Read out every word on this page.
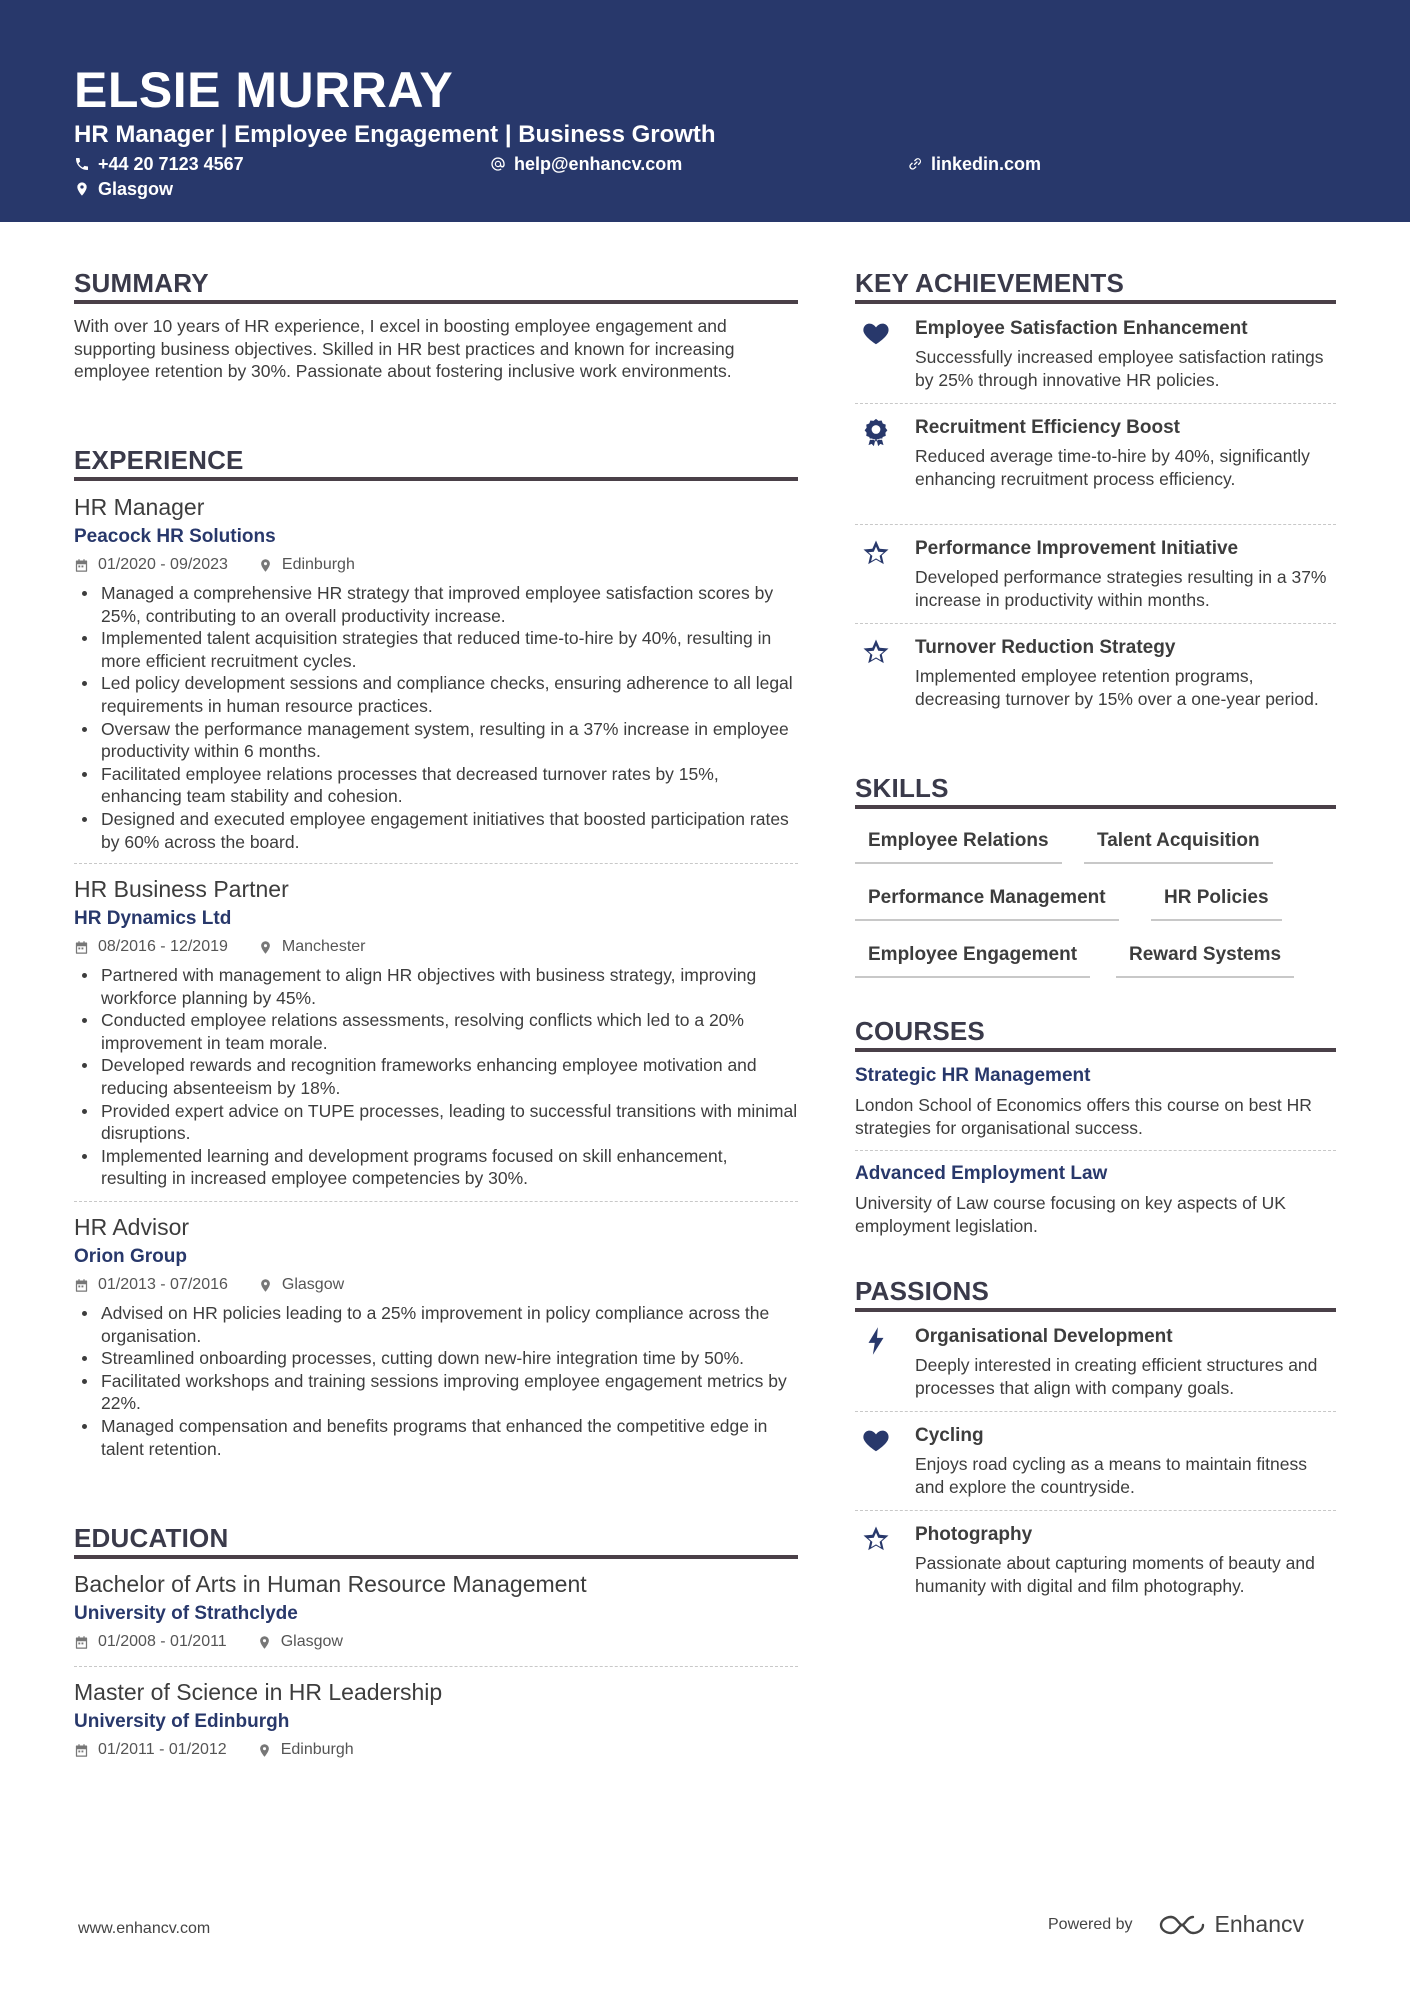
ELSIE MURRAY
HR Manager | Employee Engagement | Business Growth
+44 20 7123 4567	help@enhancv.com	linkedin.com
Glasgow
SUMMARY
With over 10 years of HR experience, I excel in boosting employee engagement and supporting business objectives. Skilled in HR best practices and known for increasing employee retention by 30%. Passionate about fostering inclusive work environments.
EXPERIENCE
HR Manager
Peacock HR Solutions
01/2020 - 09/2023	Edinburgh
Managed a comprehensive HR strategy that improved employee satisfaction scores by 25%, contributing to an overall productivity increase.
Implemented talent acquisition strategies that reduced time-to-hire by 40%, resulting in more efficient recruitment cycles.
Led policy development sessions and compliance checks, ensuring adherence to all legal requirements in human resource practices.
Oversaw the performance management system, resulting in a 37% increase in employee productivity within 6 months.
Facilitated employee relations processes that decreased turnover rates by 15%, enhancing team stability and cohesion.
Designed and executed employee engagement initiatives that boosted participation rates by 60% across the board.
HR Business Partner
HR Dynamics Ltd
08/2016 - 12/2019	Manchester
Partnered with management to align HR objectives with business strategy, improving workforce planning by 45%.
Conducted employee relations assessments, resolving conflicts which led to a 20% improvement in team morale.
Developed rewards and recognition frameworks enhancing employee motivation and reducing absenteeism by 18%.
Provided expert advice on TUPE processes, leading to successful transitions with minimal disruptions.
Implemented learning and development programs focused on skill enhancement, resulting in increased employee competencies by 30%.
HR Advisor
Orion Group
01/2013 - 07/2016	Glasgow
Advised on HR policies leading to a 25% improvement in policy compliance across the organisation.
Streamlined onboarding processes, cutting down new-hire integration time by 50%.
Facilitated workshops and training sessions improving employee engagement metrics by 22%.
Managed compensation and benefits programs that enhanced the competitive edge in talent retention.
EDUCATION
Bachelor of Arts in Human Resource Management
University of Strathclyde
01/2008 - 01/2011	Glasgow
Master of Science in HR Leadership
University of Edinburgh
01/2011 - 01/2012	Edinburgh
KEY ACHIEVEMENTS
Employee Satisfaction Enhancement
Successfully increased employee satisfaction ratings by 25% through innovative HR policies.
Recruitment Efficiency Boost
Reduced average time-to-hire by 40%, significantly enhancing recruitment process efficiency.
Performance Improvement Initiative
Developed performance strategies resulting in a 37% increase in productivity within months.
Turnover Reduction Strategy
Implemented employee retention programs, decreasing turnover by 15% over a one-year period.
SKILLS
Employee Relations	Talent Acquisition
Performance Management	HR Policies
Employee Engagement	Reward Systems
COURSES
Strategic HR Management
London School of Economics offers this course on best HR strategies for organisational success.
Advanced Employment Law
University of Law course focusing on key aspects of UK employment legislation.
PASSIONS
Organisational Development
Deeply interested in creating efficient structures and processes that align with company goals.
Cycling
Enjoys road cycling as a means to maintain fitness and explore the countryside.
Photography
Passionate about capturing moments of beauty and humanity with digital and film photography.
www.enhancv.com	Powered by	Enhancv
